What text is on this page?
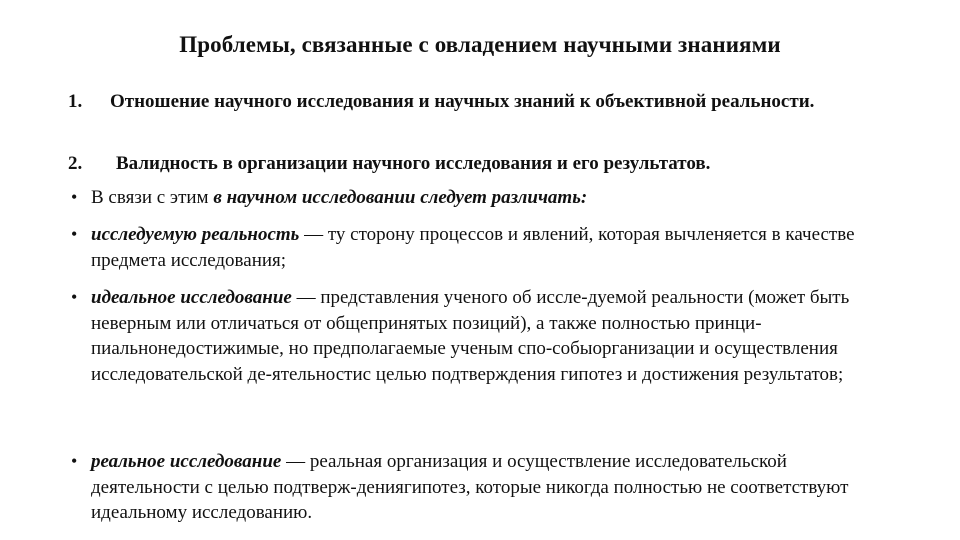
Проблемы, связанные с овладением научными знаниями
1. Отношение научного исследования и научных знаний к объективной реальности.
2. Валидность в организации научного исследования и его результатов.
• В связи с этим в научном исследовании следует различать:
• исследуемую реальность — ту сторону процессов и явлений, которая вычленяется в качестве предмета исследования;
• идеальное исследование — представления ученого об иссле-дуемой реальности (может быть неверным или отличаться от общепринятых позиций), а также полностью принци-пиальнонедостижимые, но предполагаемые ученым спо-собыорганизации и осуществления исследовательской де-ятельностис целью подтверждения гипотез и достижения результатов;
• реальное исследование — реальная организация и осуществление исследовательской деятельности с целью подтверж-дениягипотез, которые никогда полностью не соответствуют идеальному исследованию.
